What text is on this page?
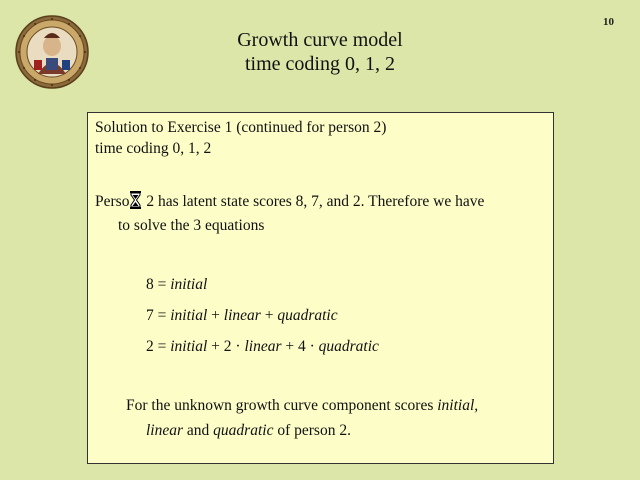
10
Growth curve model
time coding 0, 1, 2
Solution to Exercise 1 (continued for person 2)
time coding 0, 1, 2
Perso
2 has latent state scores 8, 7, and 2. Therefore we have
to solve the 3 equations
8 = initial
7 = initial + linear + quadratic
2 = initial + 2 · linear + 4 · quadratic
For the unknown growth curve component scores initial,
linear and quadratic of person 2.
